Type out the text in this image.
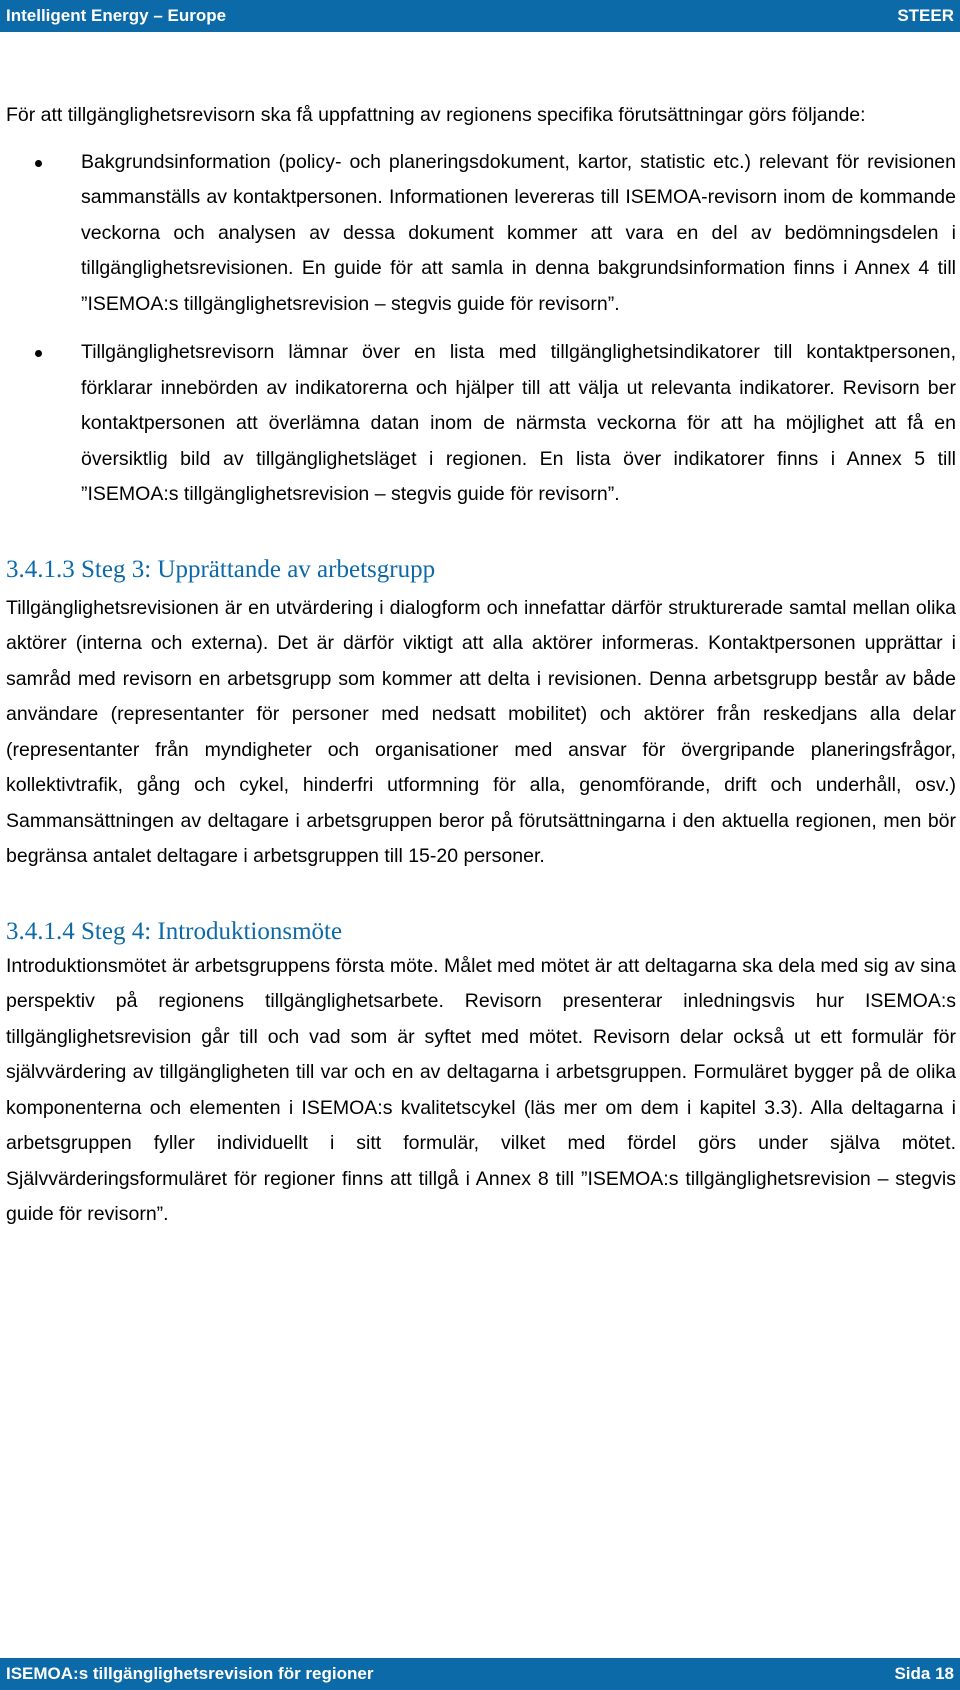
Intelligent Energy – Europe	STEER

För att tillgänglighetsrevisorn ska få uppfattning av regionens specifika förutsättningar görs följande:

Bakgrundsinformation (policy- och planeringsdokument, kartor, statistic etc.) relevant för revisionen sammanställs av kontaktpersonen. Informationen levereras till ISEMOA-revisorn inom de kommande veckorna och analysen av dessa dokument kommer att vara en del av bedömningsdelen i tillgänglighetsrevisionen. En guide för att samla in denna bakgrundsinformation finns i Annex 4 till ”ISEMOA:s tillgänglighetsrevision – stegvis guide för revisorn”.
Tillgänglighetsrevisorn lämnar över en lista med tillgänglighetsindikatorer till kontaktpersonen, förklarar innebörden av indikatorerna och hjälper till att välja ut relevanta indikatorer. Revisorn ber kontaktpersonen att överlämna datan inom de närmsta veckorna för att ha möjlighet att få en översiktlig bild av tillgänglighetsläget i regionen. En lista över indikatorer finns i Annex 5 till ”ISEMOA:s tillgänglighetsrevision – stegvis guide för revisorn”.
3.4.1.3 Steg 3: Upprättande av arbetsgrupp

Tillgänglighetsrevisionen är en utvärdering i dialogform och innefattar därför strukturerade samtal mellan olika aktörer (interna och externa). Det är därför viktigt att alla aktörer informeras. Kontaktpersonen upprättar i samråd med revisorn en arbetsgrupp som kommer att delta i revisionen. Denna arbetsgrupp består av både användare (representanter för personer med nedsatt mobilitet) och aktörer från reskedjans alla delar (representanter från myndigheter och organisationer med ansvar för övergripande planeringsfrågor, kollektivtrafik, gång och cykel, hinderfri utformning för alla, genomförande, drift och underhåll, osv.) Sammansättningen av deltagare i arbetsgruppen beror på förutsättningarna i den aktuella regionen, men bör begränsa antalet deltagare i arbetsgruppen till 15-20 personer.

3.4.1.4 Steg 4: Introduktionsmöte

Introduktionsmötet är arbetsgruppens första möte. Målet med mötet är att deltagarna ska dela med sig av sina perspektiv på regionens tillgänglighetsarbete. Revisorn presenterar inledningsvis hur ISEMOA:s tillgänglighetsrevision går till och vad som är syftet med mötet. Revisorn delar också ut ett formulär för självvärdering av tillgängligheten till var och en av deltagarna i arbetsgruppen. Formuläret bygger på de olika komponenterna och elementen i ISEMOA:s kvalitetscykel (läs mer om dem i kapitel 3.3). Alla deltagarna i arbetsgruppen fyller individuellt i sitt formulär, vilket med fördel görs under själva mötet. Självvärderingsformuläret för regioner finns att tillgå i Annex 8 till ”ISEMOA:s tillgänglighetsrevision – stegvis guide för revisorn”.

ISEMOA:s tillgänglighetsrevision för regioner	Sida 18
